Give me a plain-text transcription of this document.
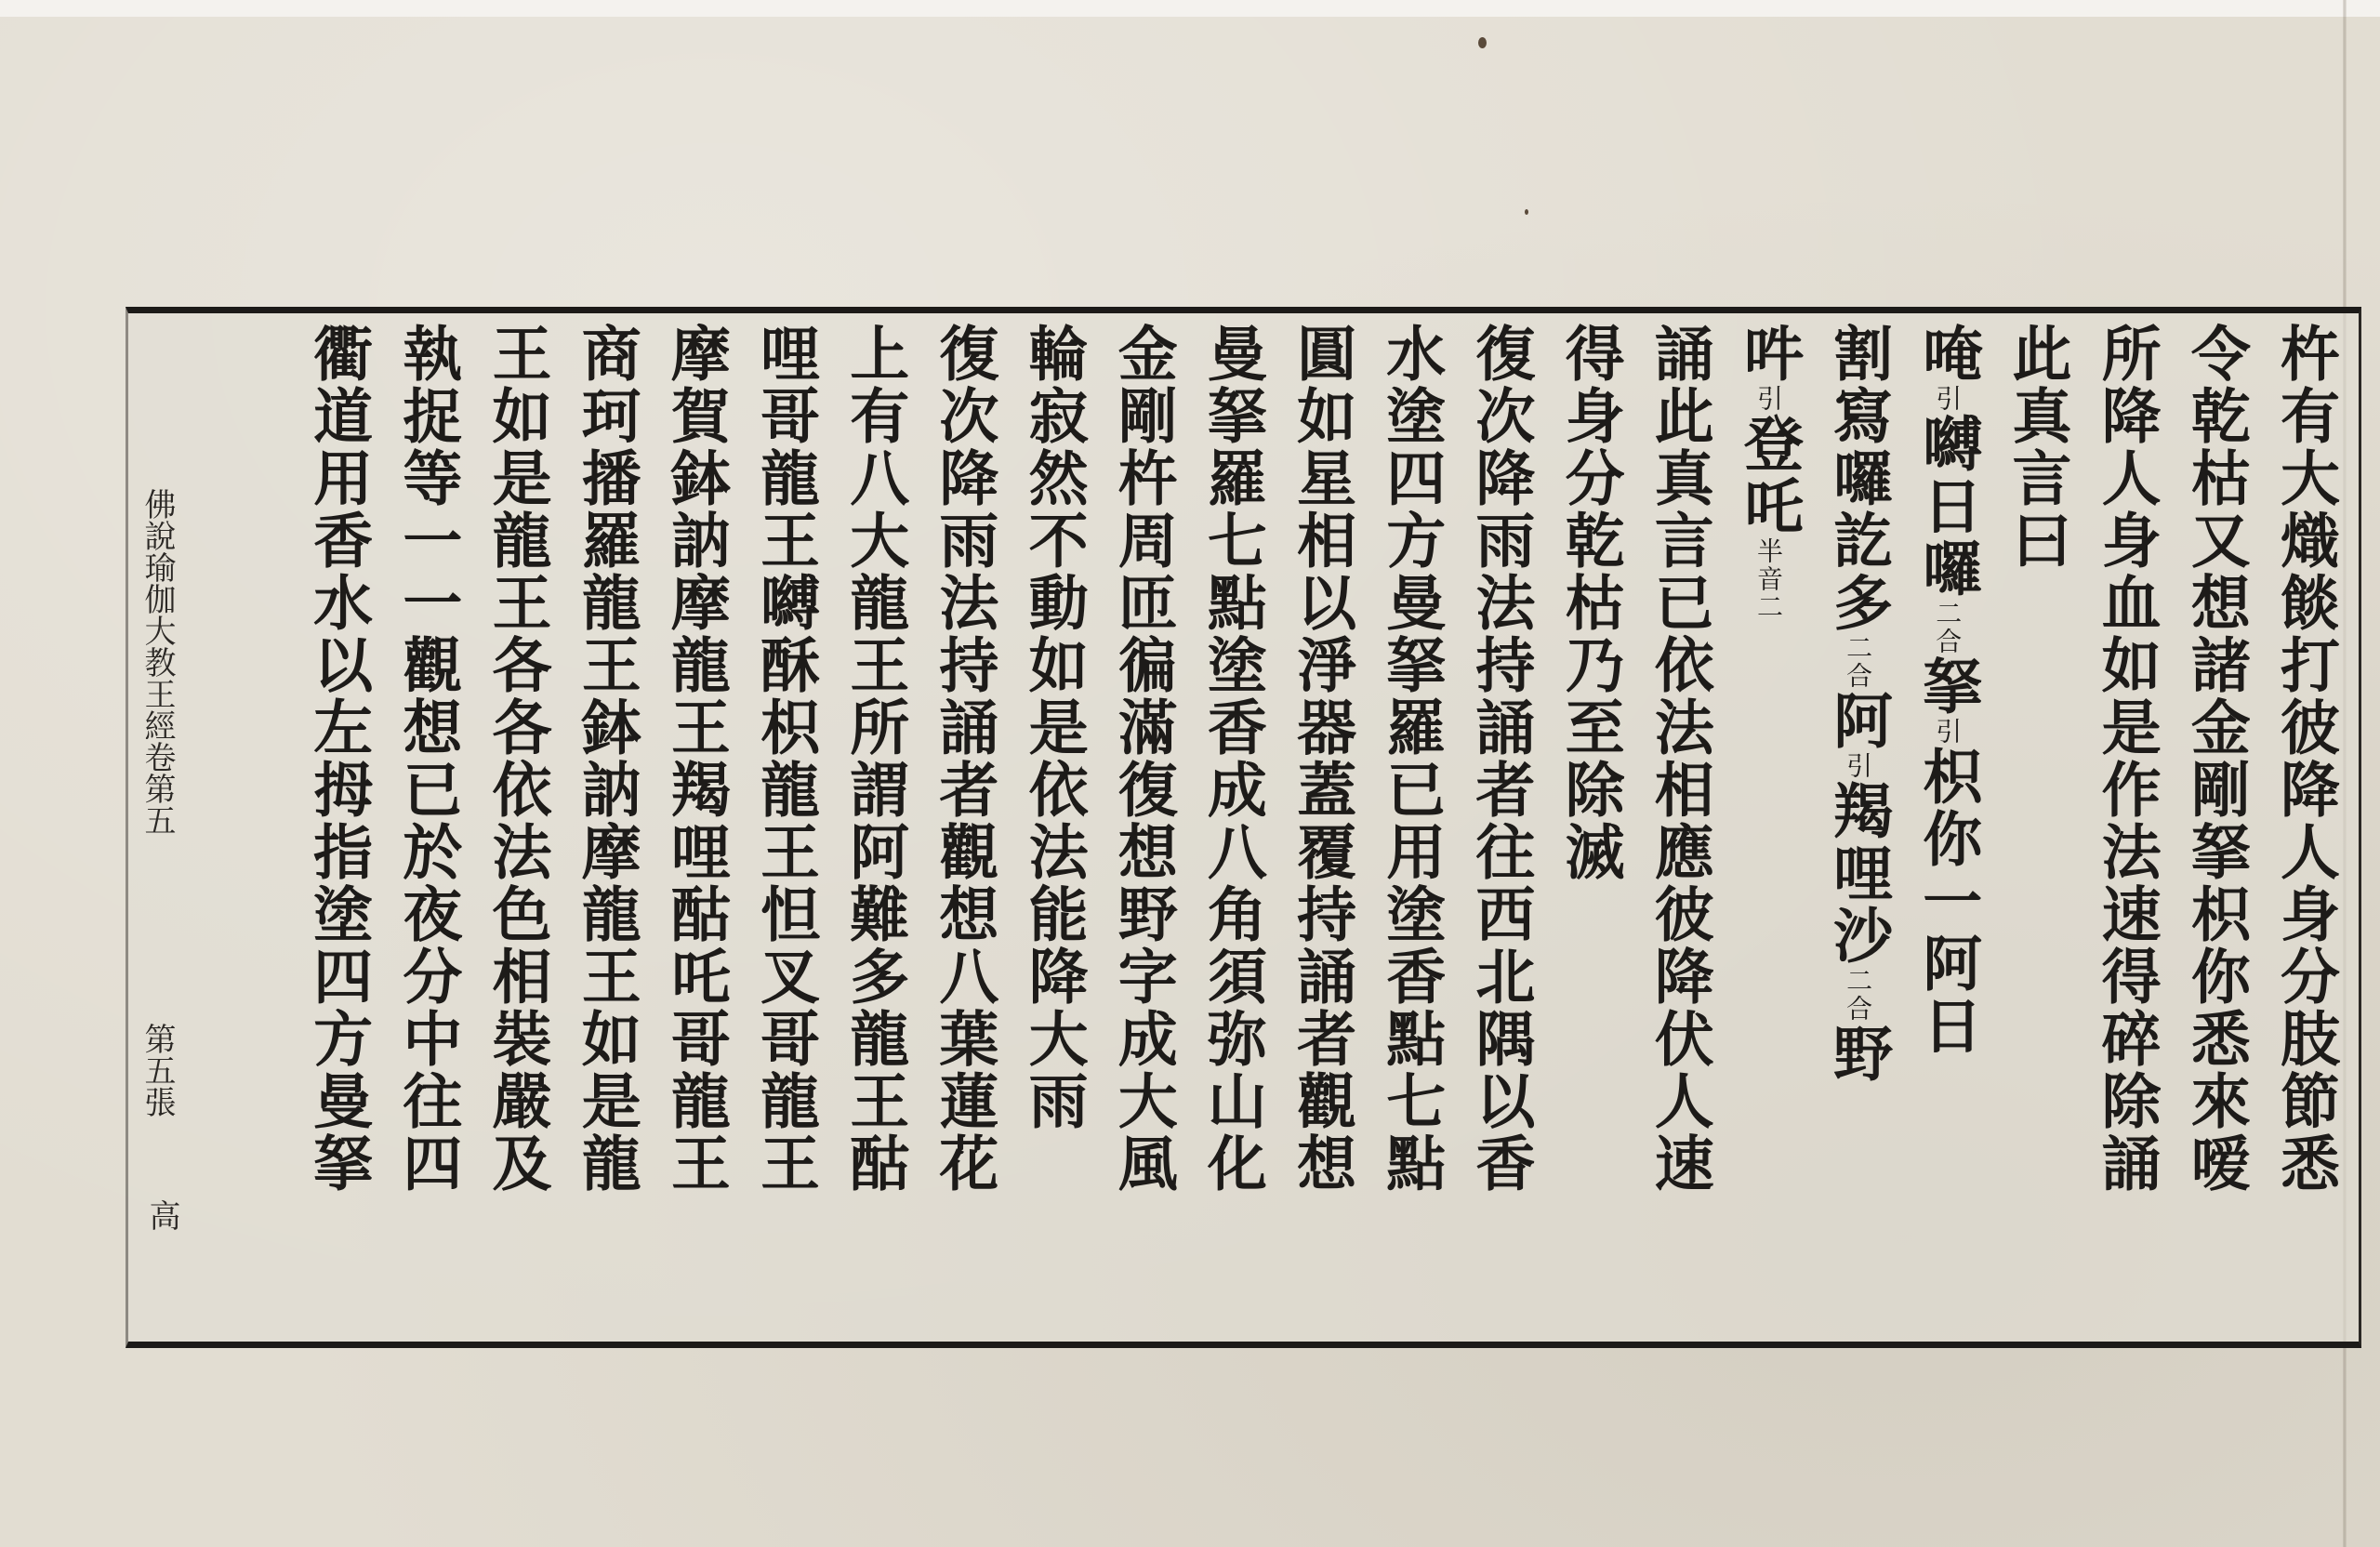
杵有大熾餤打彼降人身分肢節悉
令乾枯又想諸金剛拏枳你悉來嗳
所降人身血如是作法速得碎除誦
此真言曰
唵
引
嚩日囉
二合
拏
引
枳你一阿日
割寫囉訖多
二合
阿
引
羯哩沙
二合
野
吽
引
登吒
半音二
誦此真言已依法相應彼降伏人速
得身分乾枯乃至除滅
復次降雨法持誦者往西北隅以香
水塗四方曼拏羅已用塗香點七點
圓如星相以淨器蓋覆持誦者觀想
曼拏羅七點塗香成八角須弥山化
金剛杵周匝徧滿復想野字成大風
輪寂然不動如是依法能降大雨
復次降雨法持誦者觀想八葉蓮花
上有八大龍王所謂阿難多龍王酤
哩哥龍王嚩酥枳龍王怛叉哥龍王
摩賀鉢訥摩龍王羯哩酤吒哥龍王
商珂播羅龍王鉢訥摩龍王如是龍
王如是龍王各各依法色相裝嚴及
執捉等一一觀想已於夜分中往四
衢道用香水以左拇指塗四方曼拏
佛說瑜伽大教王經卷第五
第五張
高
